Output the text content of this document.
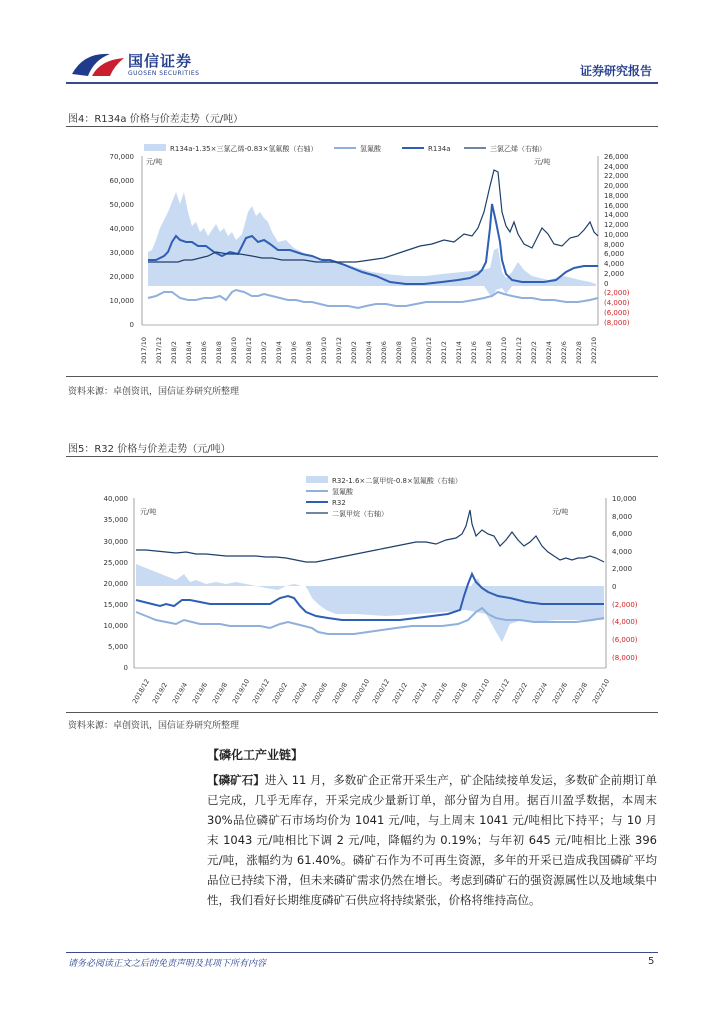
国信证券
GUOSEN SECURITIES	证券研究报告
图4：R134a 价格与价差走势（元/吨）
R134a-1.35×三氯乙烯-0.83×氢氟酸（右轴）	氢氟酸	R134a	三氯乙烯（右轴）
元/吨	元/吨
70,000
60,000
50,000
40,000
30,000
20,000
10,000
0
26,000
24,000
22,000
20,000
18,000
16,000
14,000
12,000
10,000
8,000
6,000
4,000
2,000
0
(2,000)
(4,000)
(6,000)
(8,000)
2017/10 2017/12 2018/2 2018/4 2018/6 2018/8 2018/10 2018/12 2019/2 2019/4 2019/6 2019/8 2019/10 2019/12 2020/2 2020/4 2020/6 2020/8 2020/10 2020/12 2021/2 2021/4 2021/6 2021/8 2021/10 2021/12 2022/2 2022/4 2022/6 2022/8 2022/10
资料来源：卓创资讯，国信证券研究所整理
图5：R32 价格与价差走势（元/吨）
R32-1.6×二氯甲烷-0.8×氢氟酸（右轴）
氢氟酸
R32
二氯甲烷（右轴）
元/吨	元/吨
40,000
35,000
30,000
25,000
20,000
15,000
10,000
5,000
0
10,000
8,000
6,000
4,000
2,000
0
(2,000)
(4,000)
(6,000)
(8,000)
2018/12 2019/2 2019/4 2019/6 2019/8 2019/10 2019/12 2020/2 2020/4 2020/6 2020/8 2020/10 2020/12 2021/2 2021/4 2021/6 2021/8 2021/10 2021/12 2022/2 2022/4 2022/6 2022/8 2022/10
资料来源：卓创资讯，国信证券研究所整理
【磷化工产业链】
【磷矿石】进入 11 月，多数矿企正常开采生产，矿企陆续接单发运，多数矿企前期订单已完成，几乎无库存，开采完成少量新订单，部分留为自用。据百川盈孚数据，本周末 30%品位磷矿石市场均价为 1041 元/吨，与上周末 1041 元/吨相比下持平；与 10 月末 1043 元/吨相比下调 2 元/吨，降幅约为 0.19%；与年初 645 元/吨相比上涨 396 元/吨，涨幅约为 61.40%。磷矿石作为不可再生资源，多年的开采已造成我国磷矿平均品位已持续下滑，但未来磷矿需求仍然在增长。考虑到磷矿石的强资源属性以及地域集中性，我们看好长期维度磷矿石供应将持续紧张，价格将维持高位。
请务必阅读正文之后的免责声明及其项下所有内容	5
